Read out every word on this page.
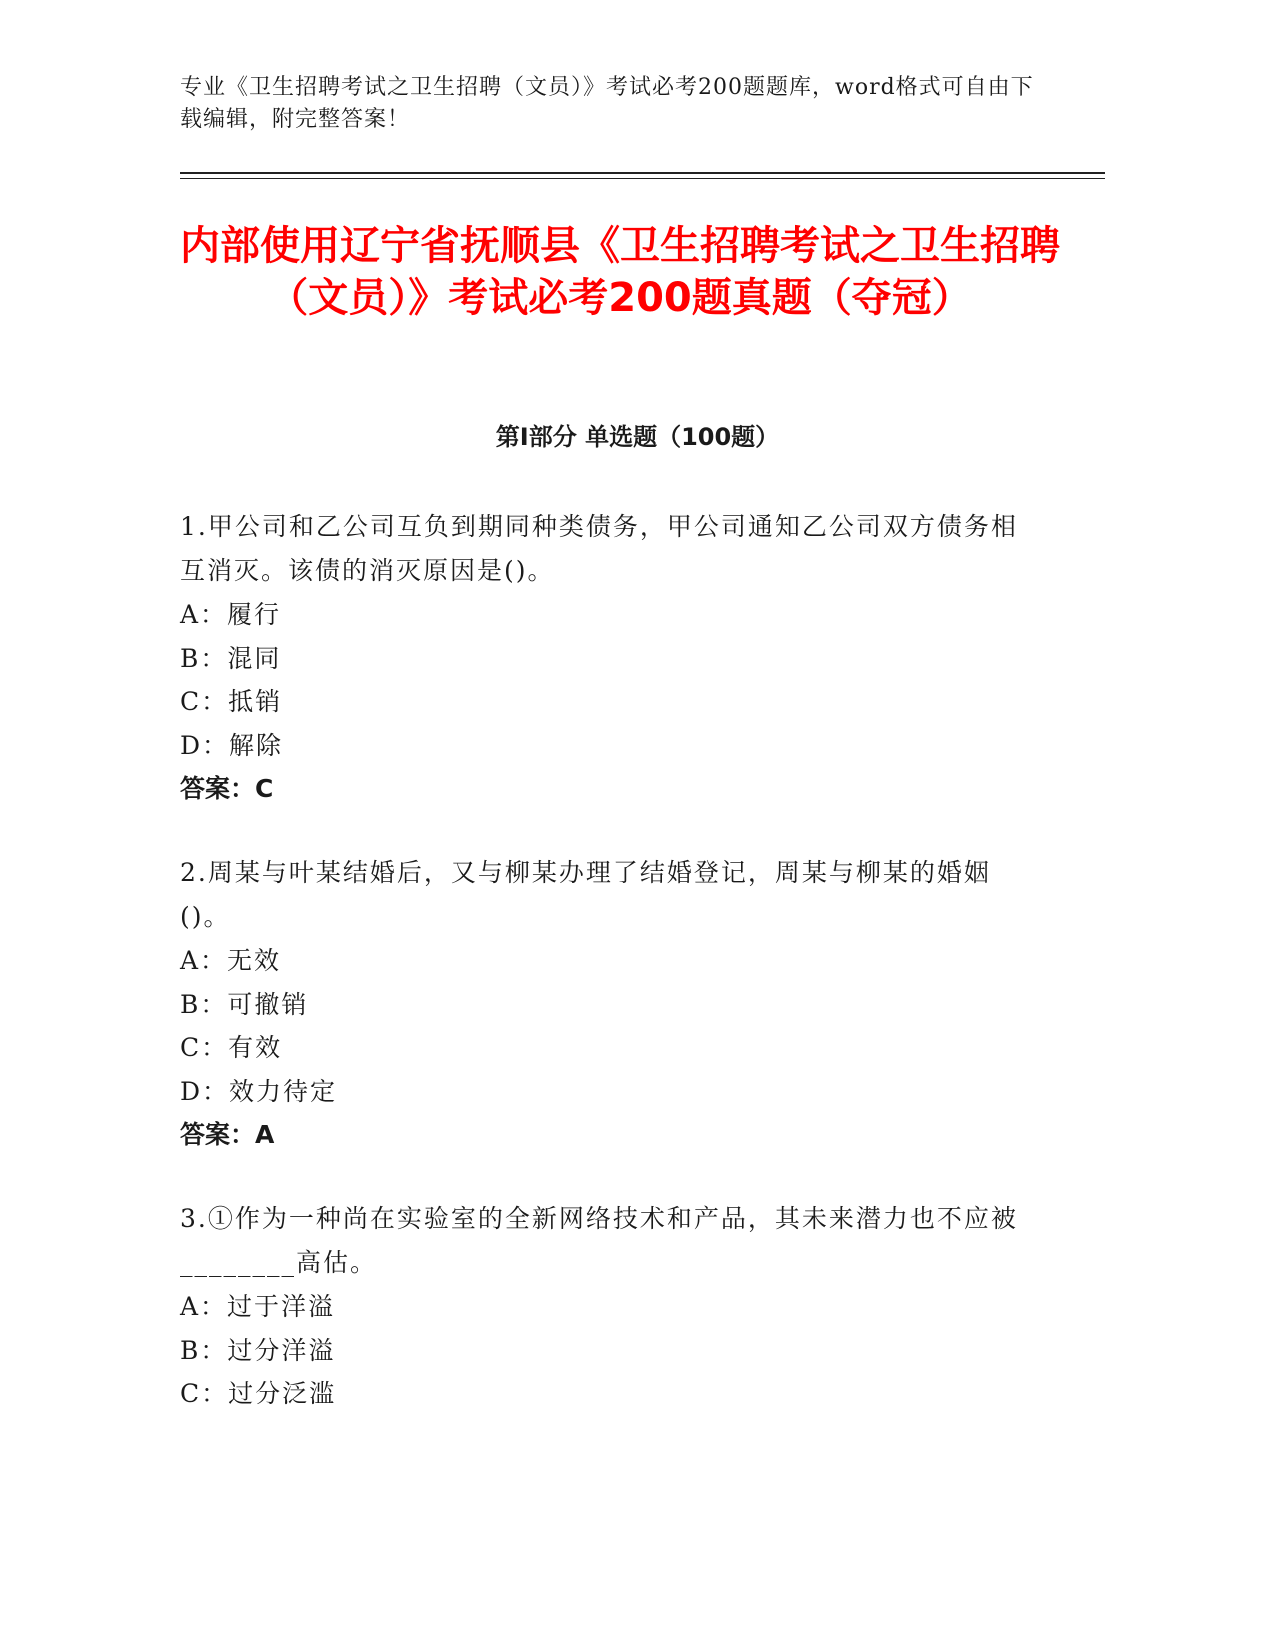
专业《卫生招聘考试之卫生招聘（文员）》考试必考200题题库，word格式可自由下载编辑，附完整答案！
内部使用辽宁省抚顺县《卫生招聘考试之卫生招聘（文员）》考试必考200题真题（夺冠）
第I部分 单选题（100题）
1.甲公司和乙公司互负到期同种类债务，甲公司通知乙公司双方债务相互消灭。该债的消灭原因是()。
A：履行
B：混同
C：抵销
D：解除
答案：C
2.周某与叶某结婚后，又与柳某办理了结婚登记，周某与柳某的婚姻()。
A：无效
B：可撤销
C：有效
D：效力待定
答案：A
3.①作为一种尚在实验室的全新网络技术和产品，其未来潜力也不应被________高估。
A：过于洋溢
B：过分洋溢
C：过分泛滥
